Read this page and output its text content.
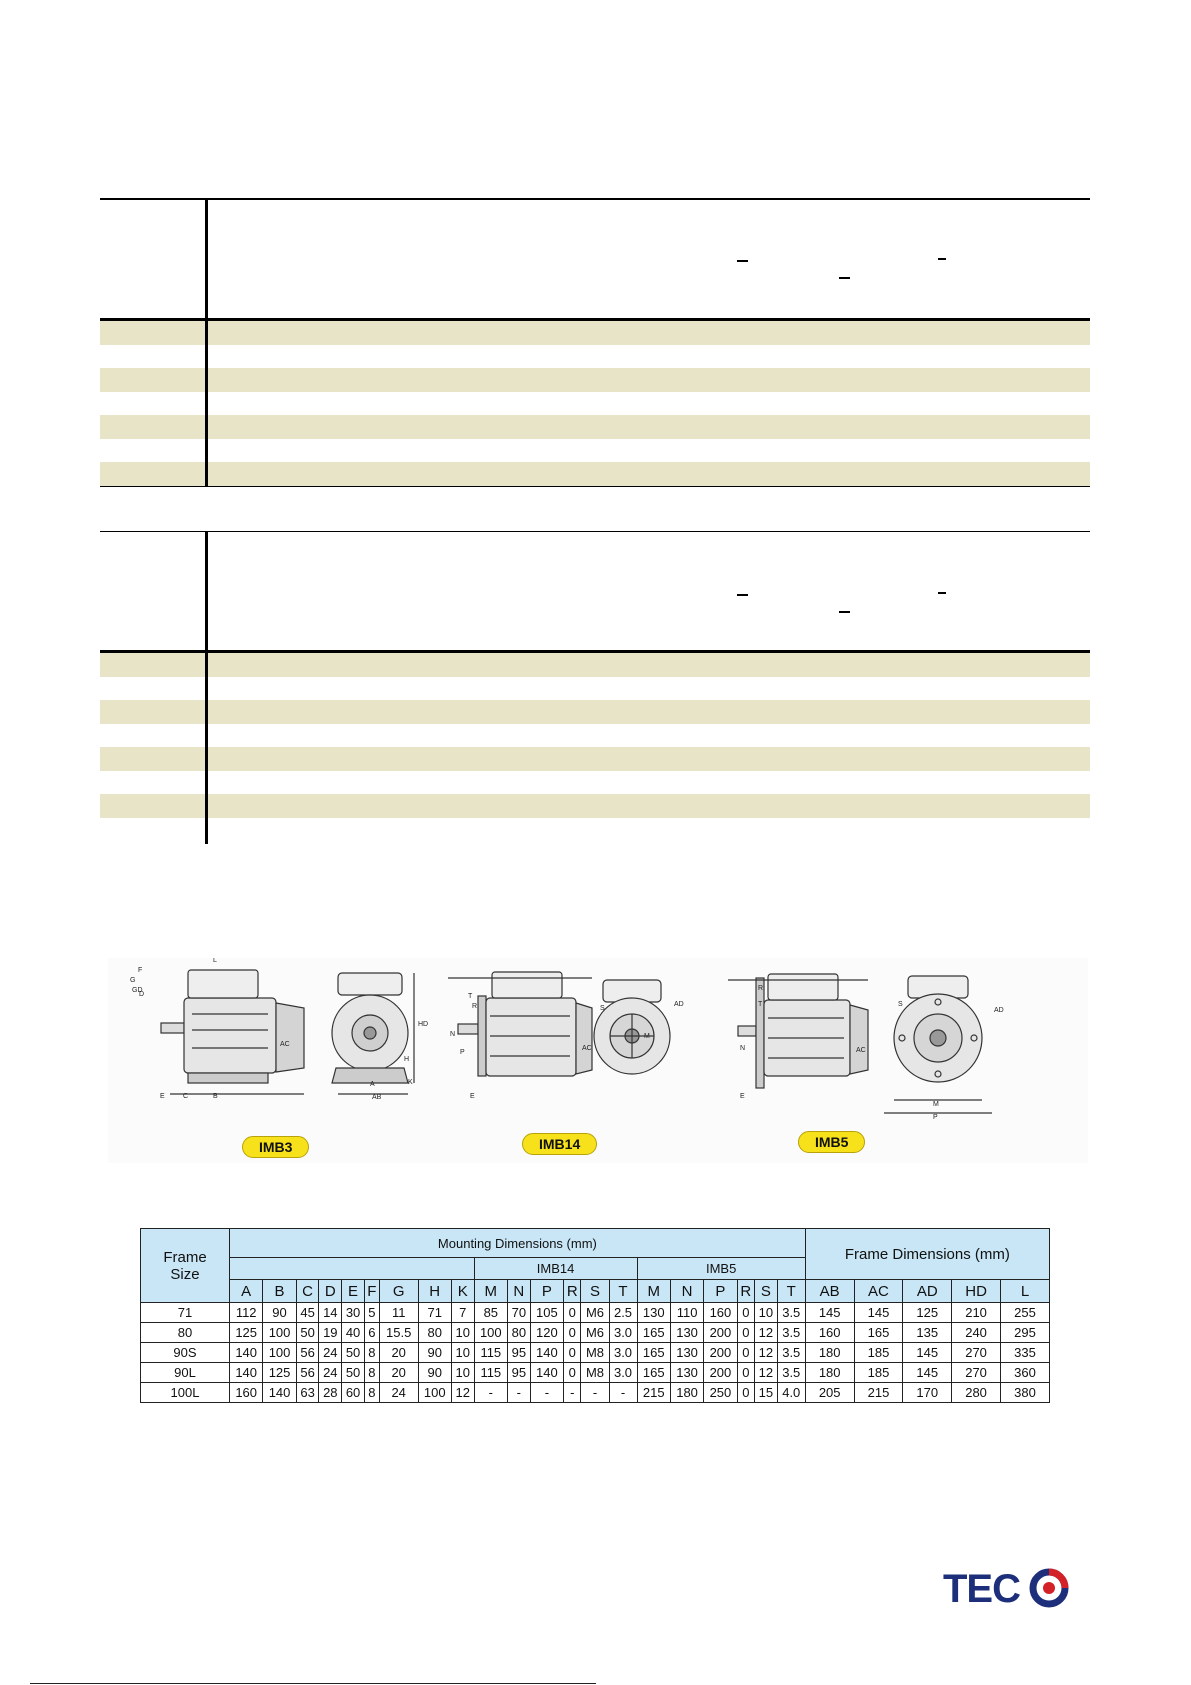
F
G
GD
D
L
E	C	B
AC
HD
H
A
AB
K
T
R
P
N
E
AC
S
M
AD
R
T
N
E
AC
S
M
P
AD
IMB3	IMB14	IMB5
Frame
Size	Mounting Dimensions (mm)																					Frame Dimensions (mm)				
										IMB14						IMB5										
	A	B	C	D	E	F	G	H	K	M	N	P	R	S	T	M	N	P	R	S	T	AB	AC	AD	HD	L
71	112	90	45	14	30	5	11	71	7	85	70	105	0	M6	2.5	130	110	160	0	10	3.5	145	145	125	210	255
80	125	100	50	19	40	6	15.5	80	10	100	80	120	0	M6	3.0	165	130	200	0	12	3.5	160	165	135	240	295
90S	140	100	56	24	50	8	20	90	10	115	95	140	0	M8	3.0	165	130	200	0	12	3.5	180	185	145	270	335
90L	140	125	56	24	50	8	20	90	10	115	95	140	0	M8	3.0	165	130	200	0	12	3.5	180	185	145	270	360
100L	160	140	63	28	60	8	24	100	12	-	-	-	-	-	-	215	180	250	0	15	4.0	205	215	170	280	380
TEC
